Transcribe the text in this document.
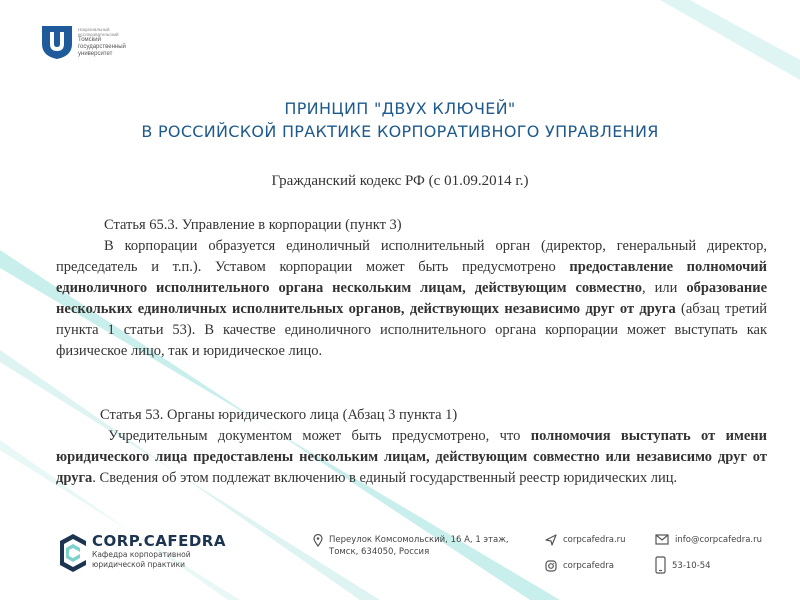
Национальный
исследовательский
Томский
государственный
университет
ПРИНЦИП "ДВУХ КЛЮЧЕЙ"
В РОССИЙСКОЙ ПРАКТИКЕ КОРПОРАТИВНОГО УПРАВЛЕНИЯ
Гражданский кодекс РФ (с 01.09.2014 г.)
Статья 65.3. Управление в корпорации (пункт 3)
В корпорации образуется единоличный исполнительный орган (директор, генеральный директор, председатель и т.п.). Уставом корпорации может быть предусмотрено предоставление полномочий единоличного исполнительного органа нескольким лицам, действующим совместно, или образование нескольких единоличных исполнительных органов, действующих независимо друг от друга (абзац третий пункта 1 статьи 53). В качестве единоличного исполнительного органа корпорации может выступать как физическое лицо, так и юридическое лицо.
Статья 53. Органы юридического лица (Абзац 3 пункта 1)
Учредительным документом может быть предусмотрено, что полномочия выступать от имени юридического лица предоставлены нескольким лицам, действующим совместно или независимо друг от друга. Сведения об этом подлежат включению в единый государственный реестр юридических лиц.
CORP.CAFEDRA
Кафедра корпоративной
юридической практики
Переулок Комсомольский, 16 А, 1 этаж,
Томск, 634050, Россия
corpcafedra.ru
corpcafedra
info@corpcafedra.ru
53-10-54
